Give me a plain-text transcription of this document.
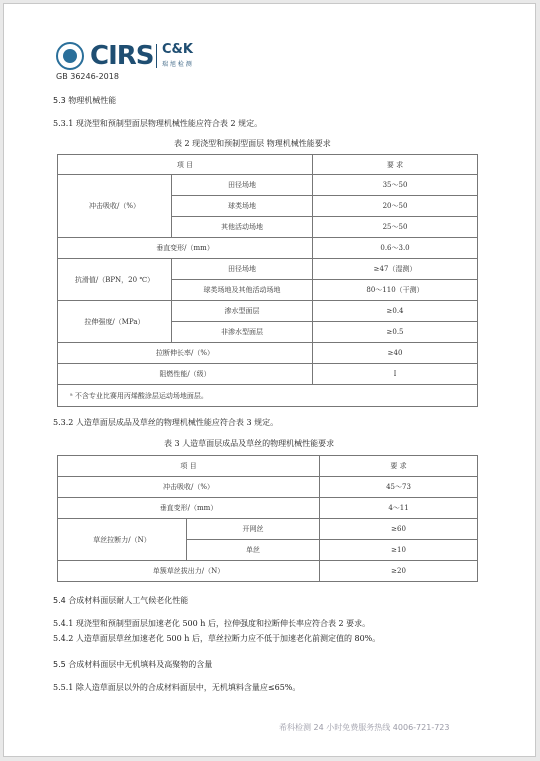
CIRS C&K
瑞 旭 检 测
GB 36246-2018
5.3 物理机械性能
5.3.1 现浇型和预制型面层物理机械性能应符合表 2 规定。
表 2 现浇型和预制型面层 物理机械性能要求
项 目		要 求
冲击吸收/（%）	田径场地	35～50
	球类场地	20～50
	其他活动场地	25～50
垂直变形/（mm）		0.6～3.0
抗滑值/（BPN，20 ℃）	田径场地	≥47（湿测）
	球类场地及其他活动场地	80～110（干测）
拉伸强度/（MPa）	渗水型面层	≥0.4
	非渗水型面层	≥0.5
拉断伸长率/（%）		≥40
阻燃性能/（级）		I
ᵃ 不含专业比赛用丙烯酸涂层运动场地面层。		
5.3.2 人造草面层成品及草丝的物理机械性能应符合表 3 规定。
表 3 人造草面层成品及草丝的物理机械性能要求
项 目		要 求
冲击吸收/（%）		45～73
垂直变形/（mm）		4～11
草丝拉断力/（N）	开网丝	≥60
	单丝	≥10
单簇草丝拔出力/（N）		≥20
5.4 合成材料面层耐人工气候老化性能
5.4.1 现浇型和预制型面层加速老化 500 h 后，拉伸强度和拉断伸长率应符合表 2 要求。
5.4.2 人造草面层草丝加速老化 500 h 后，草丝拉断力应不低于加速老化前测定值的 80%。
5.5 合成材料面层中无机填料及高聚物的含量
5.5.1 除人造草面层以外的合成材料面层中，无机填料含量应≤65%。
希科检测 24 小时免费服务热线 4006-721-723
